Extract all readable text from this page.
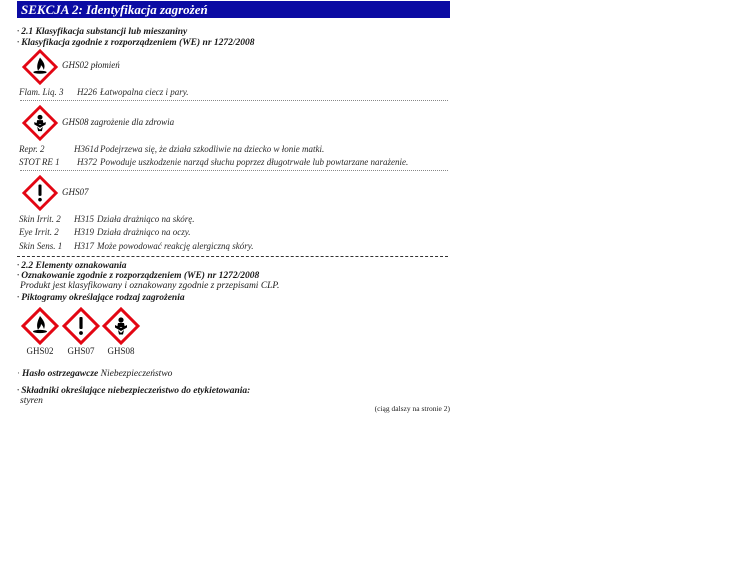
SEKCJA 2: Identyfikacja zagrożeń
· 2.1 Klasyfikacja substancji lub mieszaniny
· Klasyfikacja zgodnie z rozporządzeniem (WE) nr 1272/2008
GHS02 płomień
Flam. Liq. 3 H226 Łatwopalna ciecz i pary.
GHS08 zagrożenie dla zdrowia
Repr. 2	H361d Podejrzewa się, że działa szkodliwie na dziecko w łonie matki.
STOT RE 1 H372 Powoduje uszkodzenie narząd słuchu poprzez długotrwałe lub powtarzane narażenie.
GHS07
Skin Irrit. 2 H315 Działa drażniąco na skórę.
Eye Irrit. 2 H319 Działa drażniąco na oczy.
Skin Sens. 1 H317 Może powodować reakcję alergiczną skóry.
· 2.2 Elementy oznakowania
· Oznakowanie zgodnie z rozporządzeniem (WE) nr 1272/2008
Produkt jest klasyfikowany i oznakowany zgodnie z przepisami CLP.
· Piktogramy określające rodzaj zagrożenia
GHS02	GHS07	GHS08
· Hasło ostrzegawcze Niebezpieczeństwo
· Składniki określające niebezpieczeństwo do etykietowania:
styren
(ciąg dalszy na stronie 2)
